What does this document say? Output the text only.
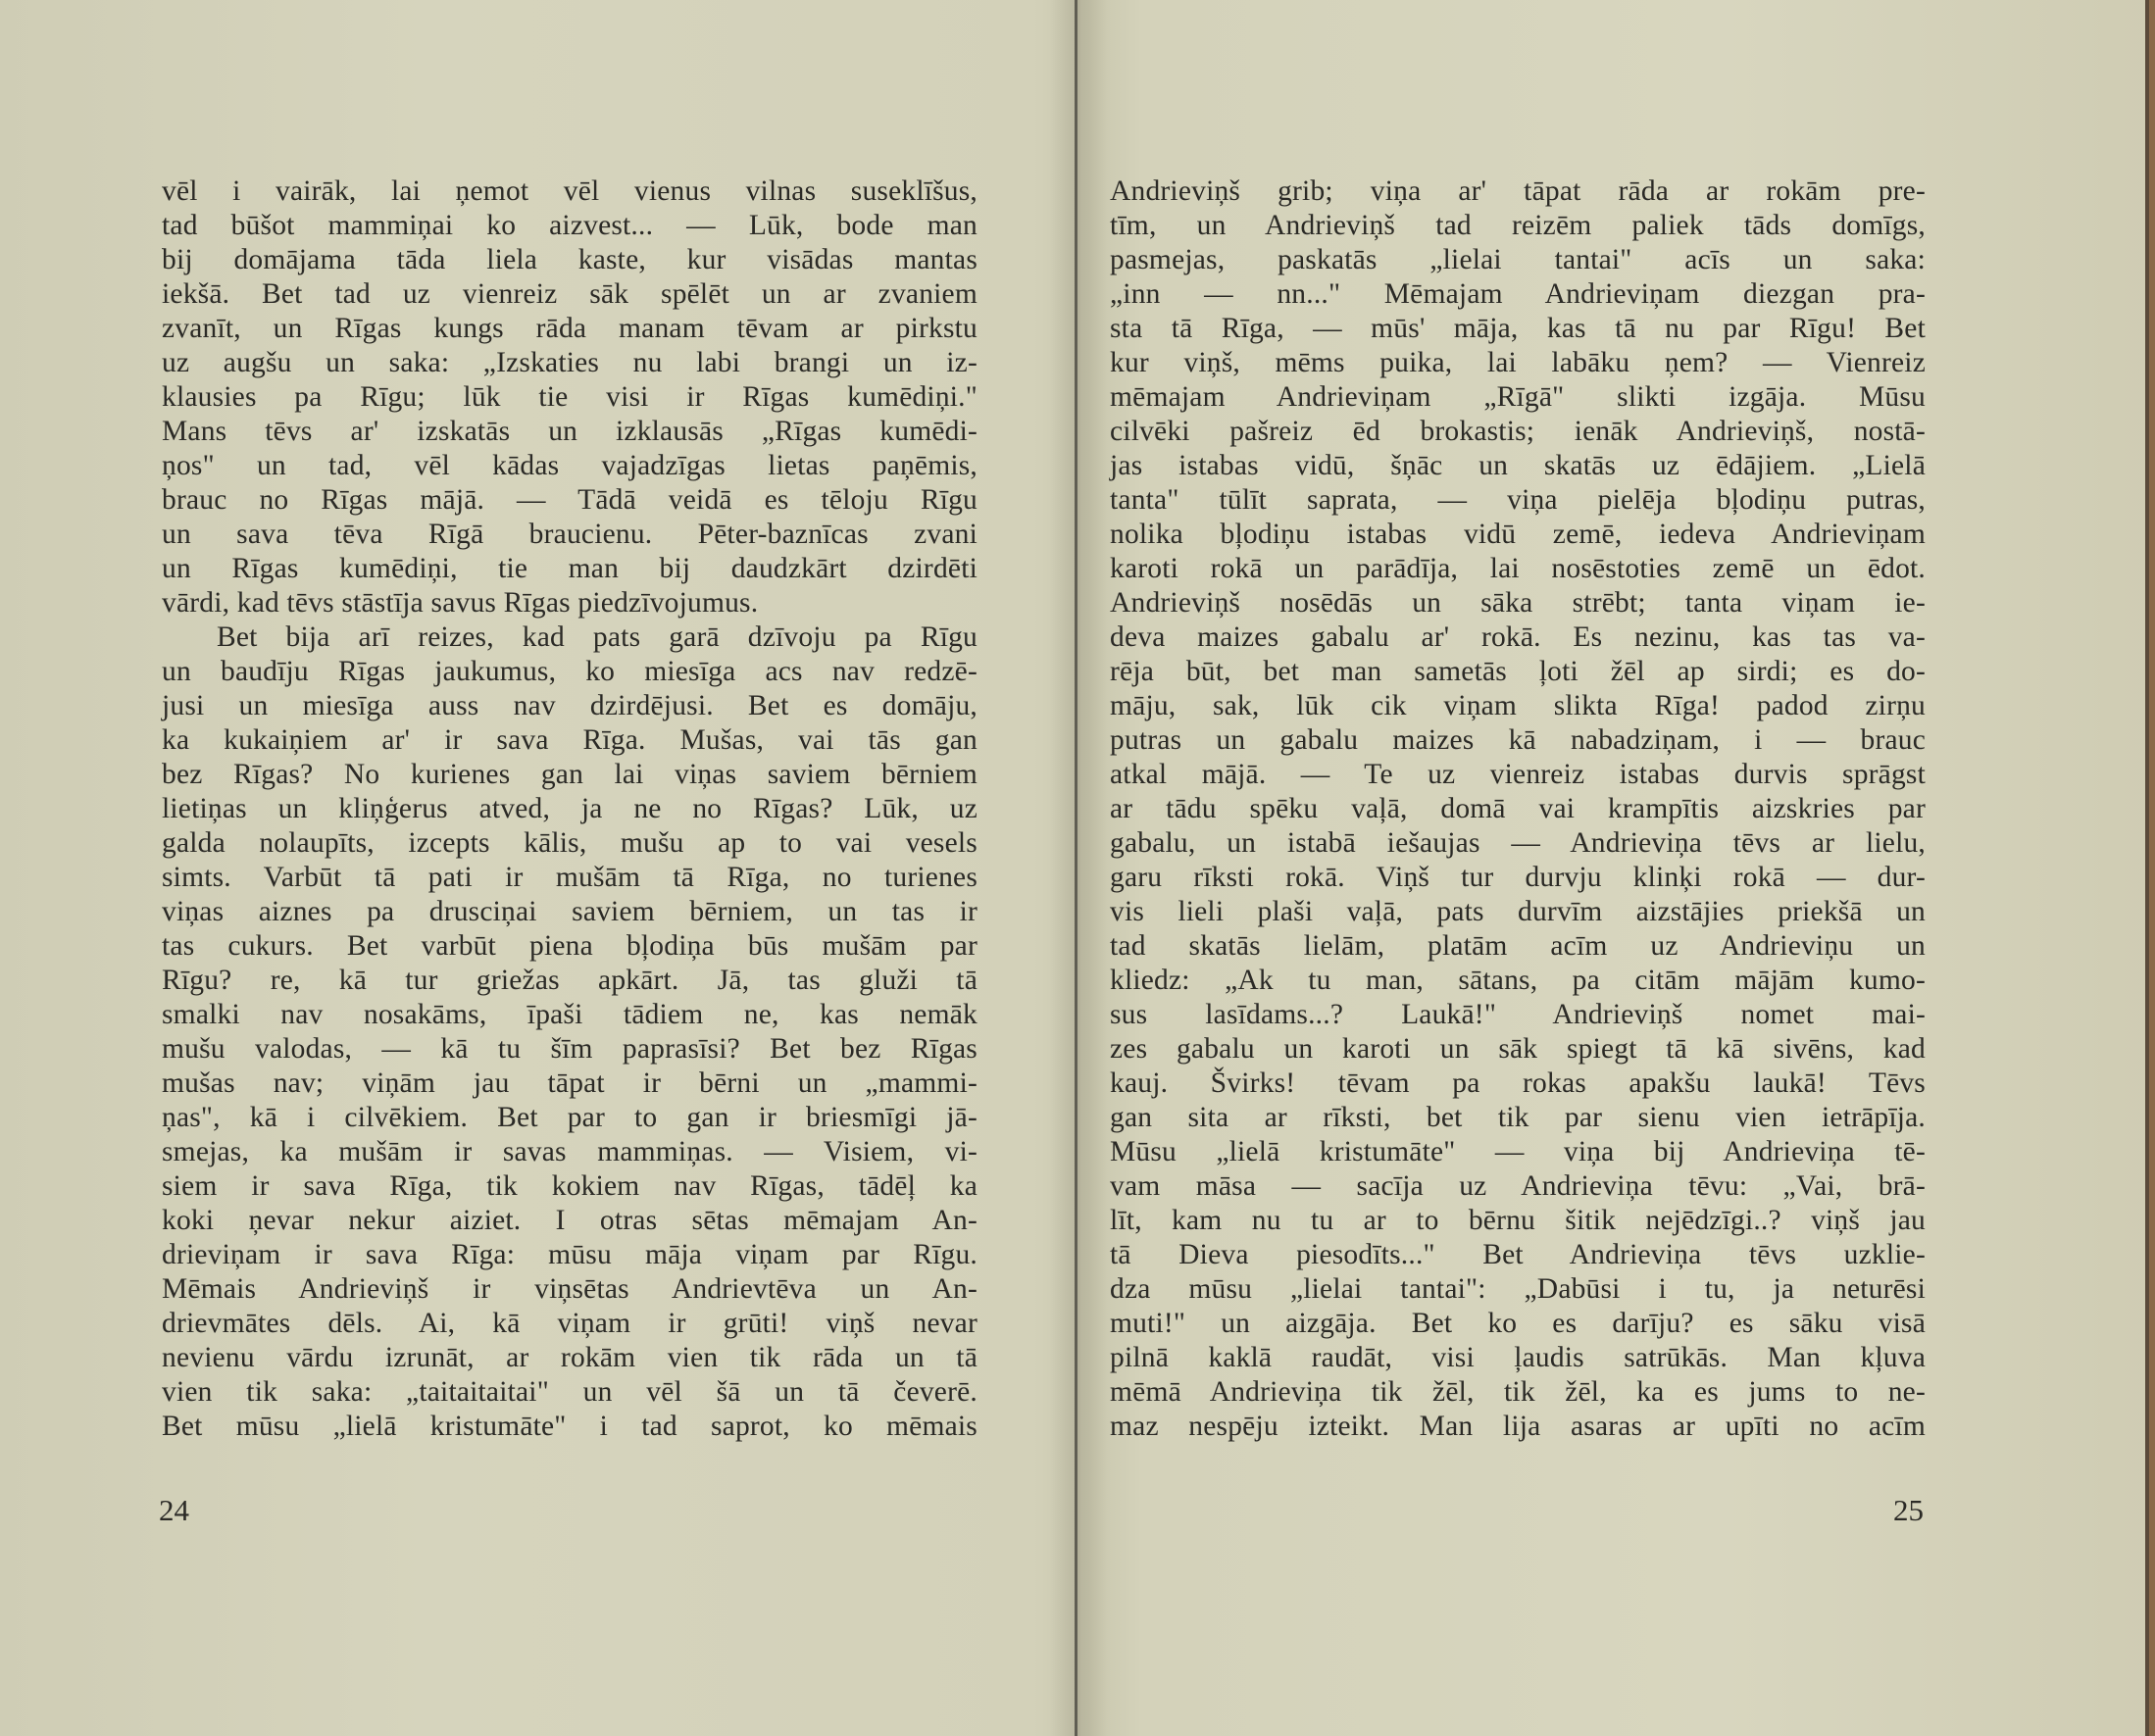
vēl i vairāk, lai ņemot vēl vienus vilnas suseklīšus,
tad būšot mammiņai ko aizvest... — Lūk, bode man
bij domājama tāda liela kaste, kur visādas mantas
iekšā. Bet tad uz vienreiz sāk spēlēt un ar zvaniem
zvanīt, un Rīgas kungs rāda manam tēvam ar pirkstu
uz augšu un saka: „Izskaties nu labi brangi un iz-
klausies pa Rīgu; lūk tie visi ir Rīgas kumēdiņi."
Mans tēvs ar' izskatās un izklausās „Rīgas kumēdi-
ņos" un tad, vēl kādas vajadzīgas lietas paņēmis,
brauc no Rīgas mājā. — Tādā veidā es tēloju Rīgu
un sava tēva Rīgā braucienu. Pēter-baznīcas zvani
un Rīgas kumēdiņi, tie man bij daudzkārt dzirdēti
vārdi, kad tēvs stāstīja savus Rīgas piedzīvojumus.
Bet bija arī reizes, kad pats garā dzīvoju pa Rīgu
un baudīju Rīgas jaukumus, ko miesīga acs nav redzē-
jusi un miesīga auss nav dzirdējusi. Bet es domāju,
ka kukaiņiem ar' ir sava Rīga. Mušas, vai tās gan
bez Rīgas? No kurienes gan lai viņas saviem bērniem
lietiņas un kliņģerus atved, ja ne no Rīgas? Lūk, uz
galda nolaupīts, izcepts kālis, mušu ap to vai vesels
simts. Varbūt tā pati ir mušām tā Rīga, no turienes
viņas aiznes pa drusciņai saviem bērniem, un tas ir
tas cukurs. Bet varbūt piena bļodiņa būs mušām par
Rīgu? re, kā tur griežas apkārt. Jā, tas gluži tā
smalki nav nosakāms, īpaši tādiem ne, kas nemāk
mušu valodas, — kā tu šīm paprasīsi? Bet bez Rīgas
mušas nav; viņām jau tāpat ir bērni un „mammi-
ņas", kā i cilvēkiem. Bet par to gan ir briesmīgi jā-
smejas, ka mušām ir savas mammiņas. — Visiem, vi-
siem ir sava Rīga, tik kokiem nav Rīgas, tādēļ ka
koki ņevar nekur aiziet. I otras sētas mēmajam An-
drieviņam ir sava Rīga: mūsu māja viņam par Rīgu.
Mēmais Andrieviņš ir viņsētas Andrievtēva un An-
drievmātes dēls. Ai, kā viņam ir grūti! viņš nevar
nevienu vārdu izrunāt, ar rokām vien tik rāda un tā
vien tik saka: „taitaitaitai" un vēl šā un tā čeverē.
Bet mūsu „lielā kristumāte" i tad saprot, ko mēmais
Andrieviņš grib; viņa ar' tāpat rāda ar rokām pre-
tīm, un Andrieviņš tad reizēm paliek tāds domīgs,
pasmejas, paskatās „lielai tantai" acīs un saka:
„inn — nn..." Mēmajam Andrieviņam diezgan pra-
sta tā Rīga, — mūs' māja, kas tā nu par Rīgu! Bet
kur viņš, mēms puika, lai labāku ņem? — Vienreiz
mēmajam Andrieviņam „Rīgā" slikti izgāja. Mūsu
cilvēki pašreiz ēd brokastis; ienāk Andrieviņš, nostā-
jas istabas vidū, šņāc un skatās uz ēdājiem. „Lielā
tanta" tūlīt saprata, — viņa pielēja bļodiņu putras,
nolika bļodiņu istabas vidū zemē, iedeva Andrieviņam
karoti rokā un parādīja, lai nosēstoties zemē un ēdot.
Andrieviņš nosēdās un sāka strēbt; tanta viņam ie-
deva maizes gabalu ar' rokā. Es nezinu, kas tas va-
rēja būt, bet man sametās ļoti žēl ap sirdi; es do-
māju, sak, lūk cik viņam slikta Rīga! padod zirņu
putras un gabalu maizes kā nabadziņam, i — brauc
atkal mājā. — Te uz vienreiz istabas durvis sprāgst
ar tādu spēku vaļā, domā vai krampītis aizskries par
gabalu, un istabā iešaujas — Andrieviņa tēvs ar lielu,
garu rīksti rokā. Viņš tur durvju klinķi rokā — dur-
vis lieli plaši vaļā, pats durvīm aizstājies priekšā un
tad skatās lielām, platām acīm uz Andrieviņu un
kliedz: „Ak tu man, sātans, pa citām mājām kumo-
sus lasīdams...? Laukā!" Andrieviņš nomet mai-
zes gabalu un karoti un sāk spiegt tā kā sivēns, kad
kauj. Švirks! tēvam pa rokas apakšu laukā! Tēvs
gan sita ar rīksti, bet tik par sienu vien ietrāpīja.
Mūsu „lielā kristumāte" — viņa bij Andrieviņa tē-
vam māsa — sacīja uz Andrieviņa tēvu: „Vai, brā-
līt, kam nu tu ar to bērnu šitik nejēdzīgi..? viņš jau
tā Dieva piesodīts..." Bet Andrieviņa tēvs uzklie-
dza mūsu „lielai tantai": „Dabūsi i tu, ja neturēsi
muti!" un aizgāja. Bet ko es darīju? es sāku visā
pilnā kaklā raudāt, visi ļaudis satrūkās. Man kļuva
mēmā Andrieviņa tik žēl, tik žēl, ka es jums to ne-
maz nespēju izteikt. Man lija asaras ar upīti no acīm
24	25
